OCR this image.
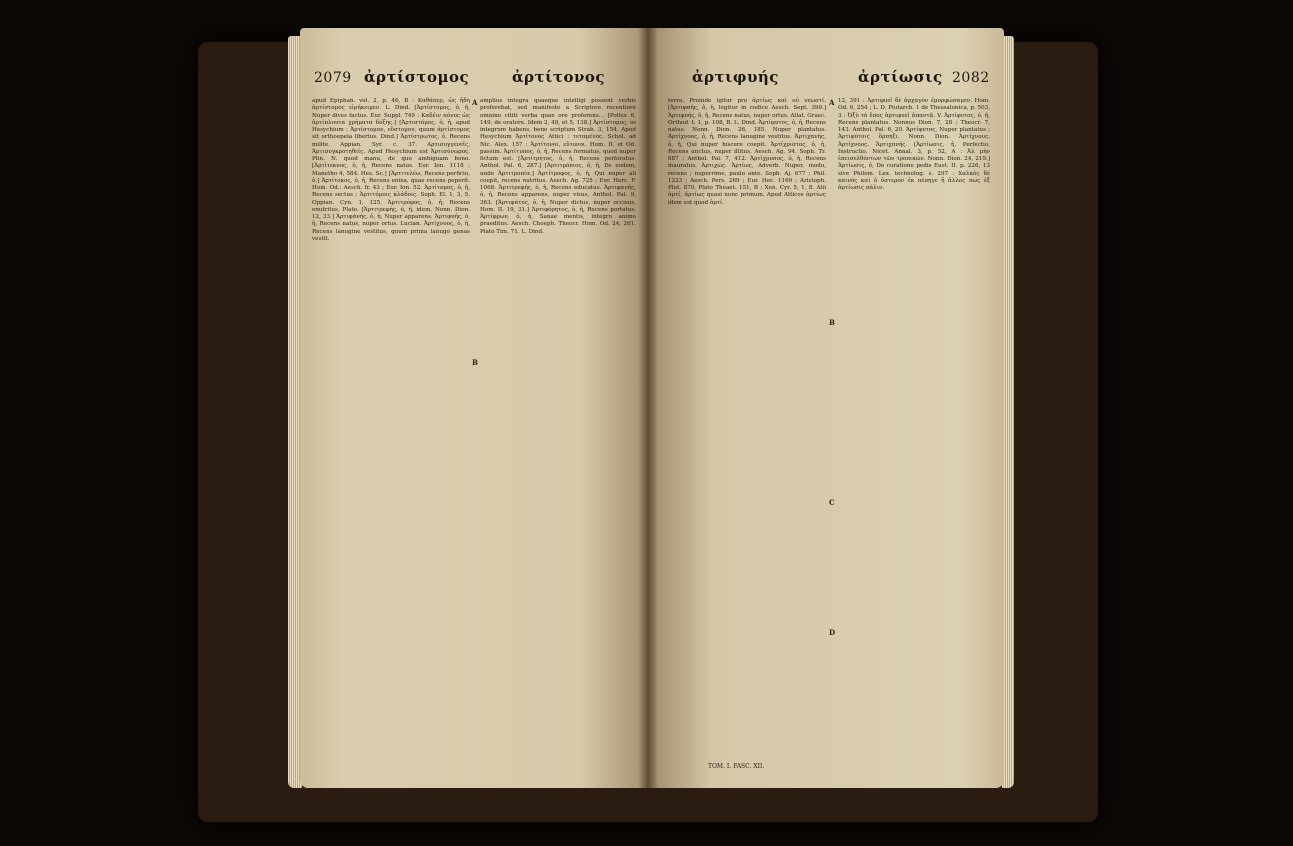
2079 ἀρτίστομος	ἀρτίτονος

apud Epiphan. vol. 2, p. 46, B : Καθάπερ, ὡς ἤδη ἀρτίστομος εἰρήκειμεν. L. Dind. [Ἀρτίστομος, ὁ, ἡ, Nuper dives factus. Eur. Suppl. 749 : Καδέιν πόνος ὡς ἀρτίπλουτα χρήματα δόξης.] [Ἀρτιστόμος, ὁ, ἡ, apud Hesychium : Ἀρτίστομον, εὔστομον, quum ἀρτίστομος sit orthoepeia liberius. Dind.] Ἀρτίστρωτος, ὁ, Recens milite. Appian. Syr. c. 37. Αρτισυγγενεῖς, Ἀρτισυγκροτηθείς. Apud Hesychium est Ἀρτισύνωρος. Plin. N. quod manu, de quo ambiguam bono. [Ἀρτίτεκνος, ὁ, ἡ, Recens natus. Eur. Ion. 1118 ; Manetho 4, 584. Hes. Sc.] [Ἀρτιτελέω, Recens perficio, ὁ.] Ἀρτίτοκος, ὁ, ἡ, Recens enixa, quae recens peperit. Hom. Od.; Aesch. fr. 43 ; Eur. Ion. 52. Ἀρτίτομος, ὁ, ἡ, Recens sectus ; Ἀρτιτόμοις κλάδοις. Soph. El. 1, 3, 5. Oppian. Cyn. 1, 125. Ἀρτιτρόφος, ὁ, ἡ, Recens enutritus, Plato. [Ἀρτιτρεφής, ὁ, ἡ, idem, Nonn. Dion. 12, 33.] Ἀρτιφάνής, ὁ, ἡ, Nuper apparens. Ἀρτιφυής, ὁ, ἡ, Recens natus, nuper ortus. Lucian. Ἀρτίχνοος, ὁ, ἡ, Recens lanugine vestitus, quum prima lanugo genas vestit.

A
B

amplius integra quaeque intelligi possent verbis proferebat, sed manifeste a Scriptore recentiore omnino cititi verba quae ore proferens... [Pollux 6, 149, de oratore. Idem 2, 49, et 5, 138.] Ἀρτίστομος, os integrum habens, bene scriptum Strab. 3, 154. Apud Hesychium Ἀρτίτονος Attici : τεταμένος. Schol. ad Nic. Alex. 157 : Ἀρτίτονοι, εὔτονοι. Hom. II. et Od. passim. Ἀρτίτυπος, ὁ, ἡ, Recens formatus, quod nuper fictum est. [Ἀρτίτρητος, ὁ, ἡ, Recens perforatus. Anthol. Pal. 6, 287.] [Ἀρτιτρόπιος, ὁ, ἡ, De eodem, unde Ἀρτιτροπία.] Ἀρτίτροφος, ὁ, ἡ, Qui nuper ali coepit, recens nutritus. Aesch. Ag. 725 ; Eur. Herc. F. 1068. Ἀρτιτρεφής, ὁ, ἡ, Recens educatus. Ἀρτιφανής, ὁ, ἡ, Recens apparens, nuper visus, Anthol. Pal. 9, 363. [Ἀρτιφάτος, ὁ, ἡ, Nuper dictus, nuper occisus. Hom. II. 19, 31.] Ἀρτιφόρητος, ὁ, ἡ, Recens portatus. Ἀρτίφρων, ὁ, ἡ, Sanae mentis, integro animo praeditus. Aesch. Choeph. Theocr. Hom. Od. 24, 261. Plato Tim. 71. L. Dind.

ἀρτιφυής	ἀρτίωσις 2082

terra. Proinde igitur pro ἀρτίως καὶ οὐ νεωστί. [Ἀρτιφαής, ὁ, ἡ, legitur in codice Aesch. Sept. 399.] Ἀρτιφυής, ὁ, ἡ, Recens natus, nuper ortus. Allat. Graec. Orthod. t. 1, p. 108, B. L. Dind. Ἀρτίφυτος, ὁ, ἡ, Recens natus. Nonn. Dion. 26, 185. Nuper plantatus. Ἀρτίχνοος, ὁ, ἡ, Recens lanugine vestitus. Ἀρτιχανής, ὁ, ἡ, Qui nuper hiscere coepit. Ἀρτίχριστος, ὁ, ἡ, Recens unctus, nuper illitus. Aesch. Ag. 94. Soph. Tr. 687 ; Anthol. Pal. 7, 412. Ἀρτίχρυσος, ὁ, ἡ, Recens inauratus. Ἀρτιχώς. Ἀρτίως, Adverb. Nuper, modo, recens ; nuperrime, paulo ante. Soph. Aj. 677 ; Phil. 1223 ; Aesch. Pers. 269 ; Eur. Hec. 1169 ; Aristoph. Plut. 870. Plato Theaet. 151, B ; Xen. Cyr. 5, 1, 8. Alii ἀρτί, ἀρτίως quasi nunc primum. Apud Atticos ἀρτίως idem est quod ἀρτί.

A
B
C
D

12, 391 : Ἀρτιφυεῖ δὲ ἀρχαγὸν ἐμορφώσαμεν. Hom. Od. 6, 254 ; L. D. Plutarch. 1 de Thessalonica, p. 503, 3 : Ὀξὺ τὸ ἔπος ἀρτιφυεῖ ἀπαντᾷ. V. Ἀρτίφυτος, ὁ, ἡ, Recens plantatus. Nonnus Dion. 7, 28 ; Theocr. 7, 143. Anthol. Pal. 6, 20. Ἀρτίφυτος, Nuper plantatus ; Ἀρτιφύτοις ὅρπηξι. Nonn. Dion. Ἀρτίχνους. Ἀρτίχνοος. Ἀρτιχανής. [Ἀρτίωσις, ἡ, Perfectio, Instructio. Nicet. Annal. 3, p. 52, A : Ἀλ μὴν ἐπεισελθόντων τῶν τροπικῶν. Nonn. Dion. 24, 219.] Ἀρτίωσις, ὁ, De curatione pedis Eust. II. p. 226, 13 sive Philem. Lex. technolog. s. 297 : Χαλκὸς δὲ καινὸς καὶ ὁ ὑστερον ἐκ πέπηγε ἤ ἄλλος πως ἐξ ἀρτίωσις πάλιν.

TOM. I. FASC. XII.
